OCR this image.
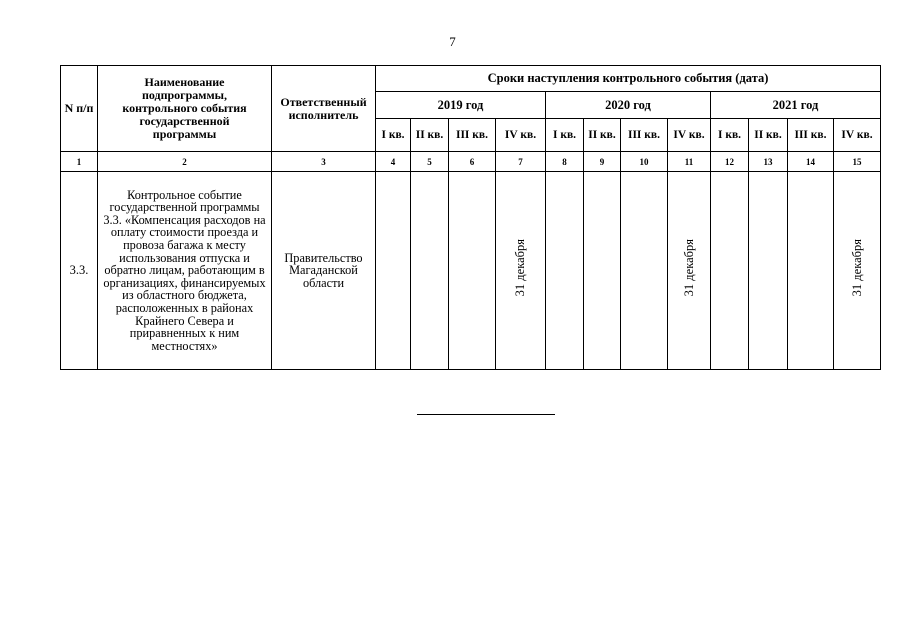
7
N п/п	Наименование подпрограммы, контрольного события государственной программы	Ответственный исполнитель	Сроки наступления контрольного события (дата)											
			2019 год				2020 год				2021 год			
			I кв.	II кв.	III кв.	IV кв.	I кв.	II кв.	III кв.	IV кв.	I кв.	II кв.	III кв.	IV кв.
1	2	3	4	5	6	7	8	9	10	11	12	13	14	15
3.3.	Контрольное событие государственной программы 3.3. «Компенсация расходов на оплату стоимости проезда и провоза багажа к месту использования отпуска и обратно лицам, работающим в организациях, финансируемых из областного бюджета, расположенных в районах Крайнего Севера и приравненных к ним местностях»	Правительство Магаданской области				31 декабря				31 декабря				31 декабря
